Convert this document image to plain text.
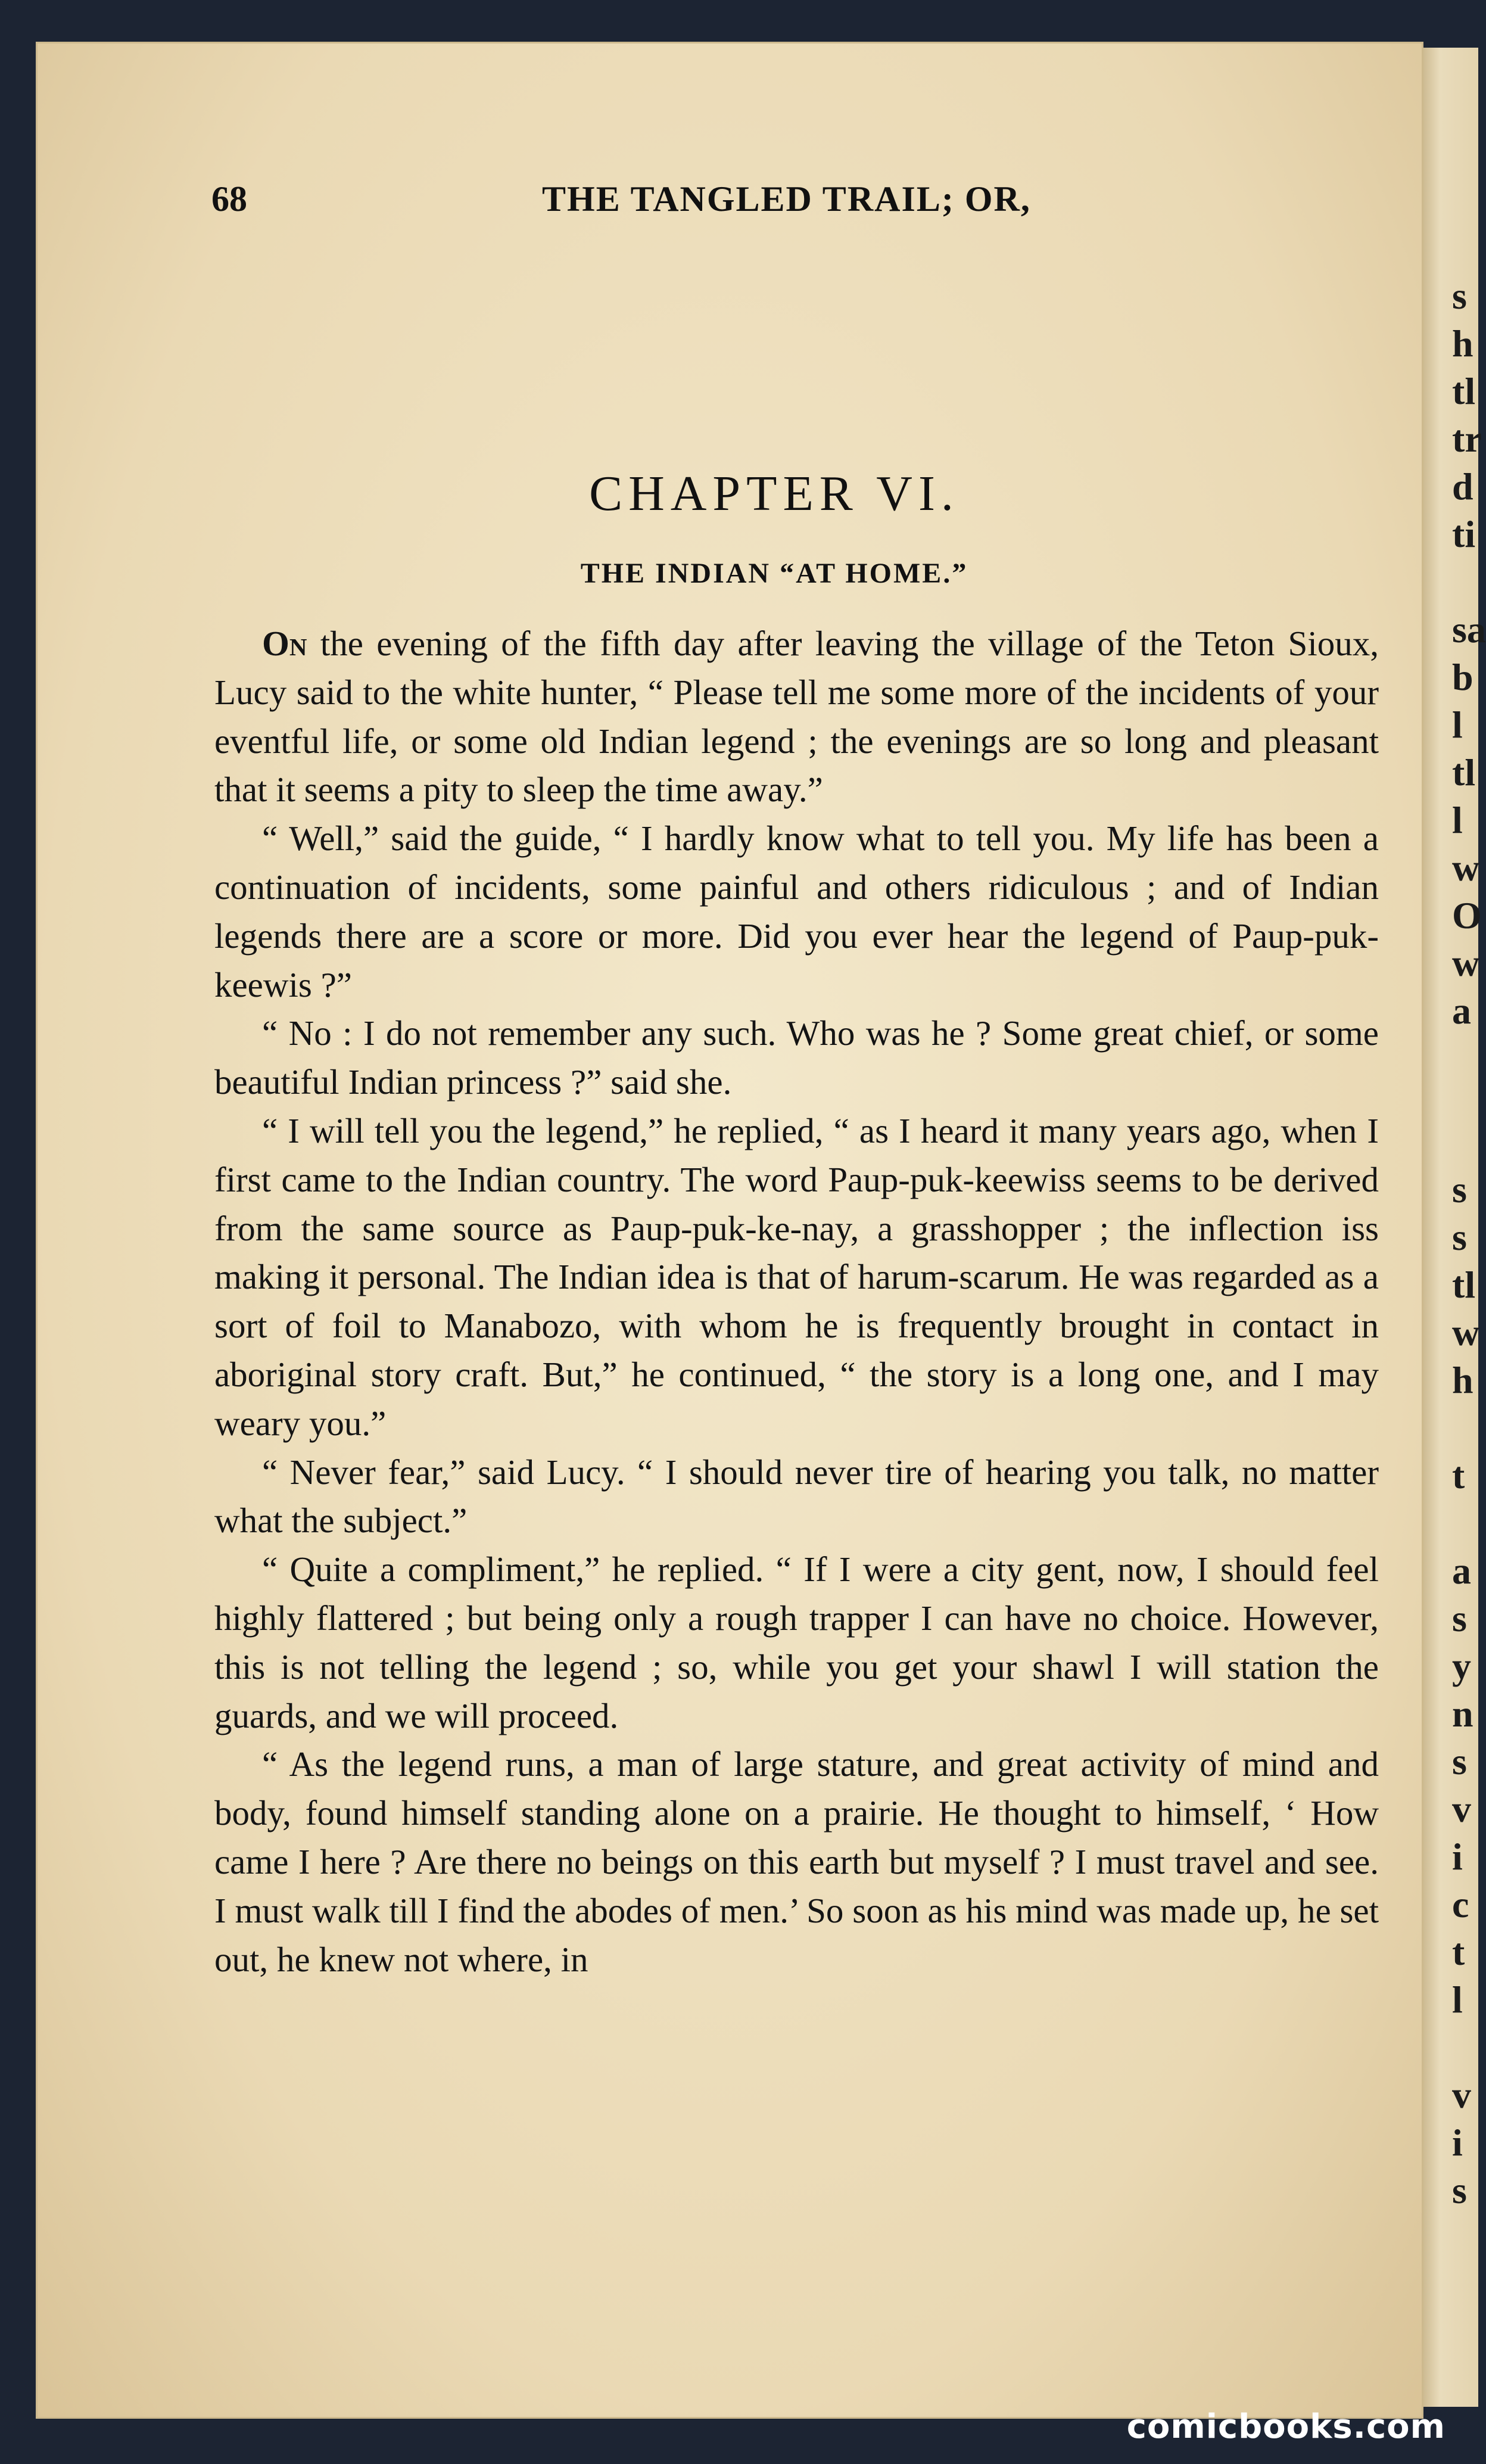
s
h
tl
tr
d
ti
sa
b
l
tl
l
w
O
w
a
s
s
tl
w
h
t
a
s
y
n
s
v
i
c
t
l
v
i
s
68	THE TANGLED TRAIL; OR,
CHAPTER VI.
THE INDIAN “AT HOME.”

On the evening of the fifth day after leaving the village of the Teton Sioux, Lucy said to the white hunter, “ Please tell me some more of the incidents of your eventful life, or some old Indian legend ; the evenings are so long and pleasant that it seems a pity to sleep the time away.”

“ Well,” said the guide, “ I hardly know what to tell you. My life has been a continuation of incidents, some painful and others ridiculous ; and of Indian legends there are a score or more. Did you ever hear the legend of Paup-puk-keewis ?”

“ No : I do not remember any such. Who was he ? Some great chief, or some beautiful Indian princess ?” said she.

“ I will tell you the legend,” he replied, “ as I heard it many years ago, when I first came to the Indian country. The word Paup-puk-keewiss seems to be derived from the same source as Paup-puk-ke-nay, a grasshopper ; the inflection iss making it personal. The Indian idea is that of harum-scarum. He was regarded as a sort of foil to Manabozo, with whom he is frequently brought in contact in aboriginal story craft. But,” he continued, “ the story is a long one, and I may weary you.”

“ Never fear,” said Lucy. “ I should never tire of hearing you talk, no matter what the subject.”

“ Quite a compliment,” he replied. “ If I were a city gent, now, I should feel highly flattered ; but being only a rough trapper I can have no choice. However, this is not telling the legend ; so, while you get your shawl I will station the guards, and we will proceed.

“ As the legend runs, a man of large stature, and great activity of mind and body, found himself standing alone on a prairie. He thought to himself, ‘ How came I here ? Are there no beings on this earth but myself ? I must travel and see. I must walk till I find the abodes of men.’ So soon as his mind was made up, he set out, he knew not where, in

comicbooks.com
